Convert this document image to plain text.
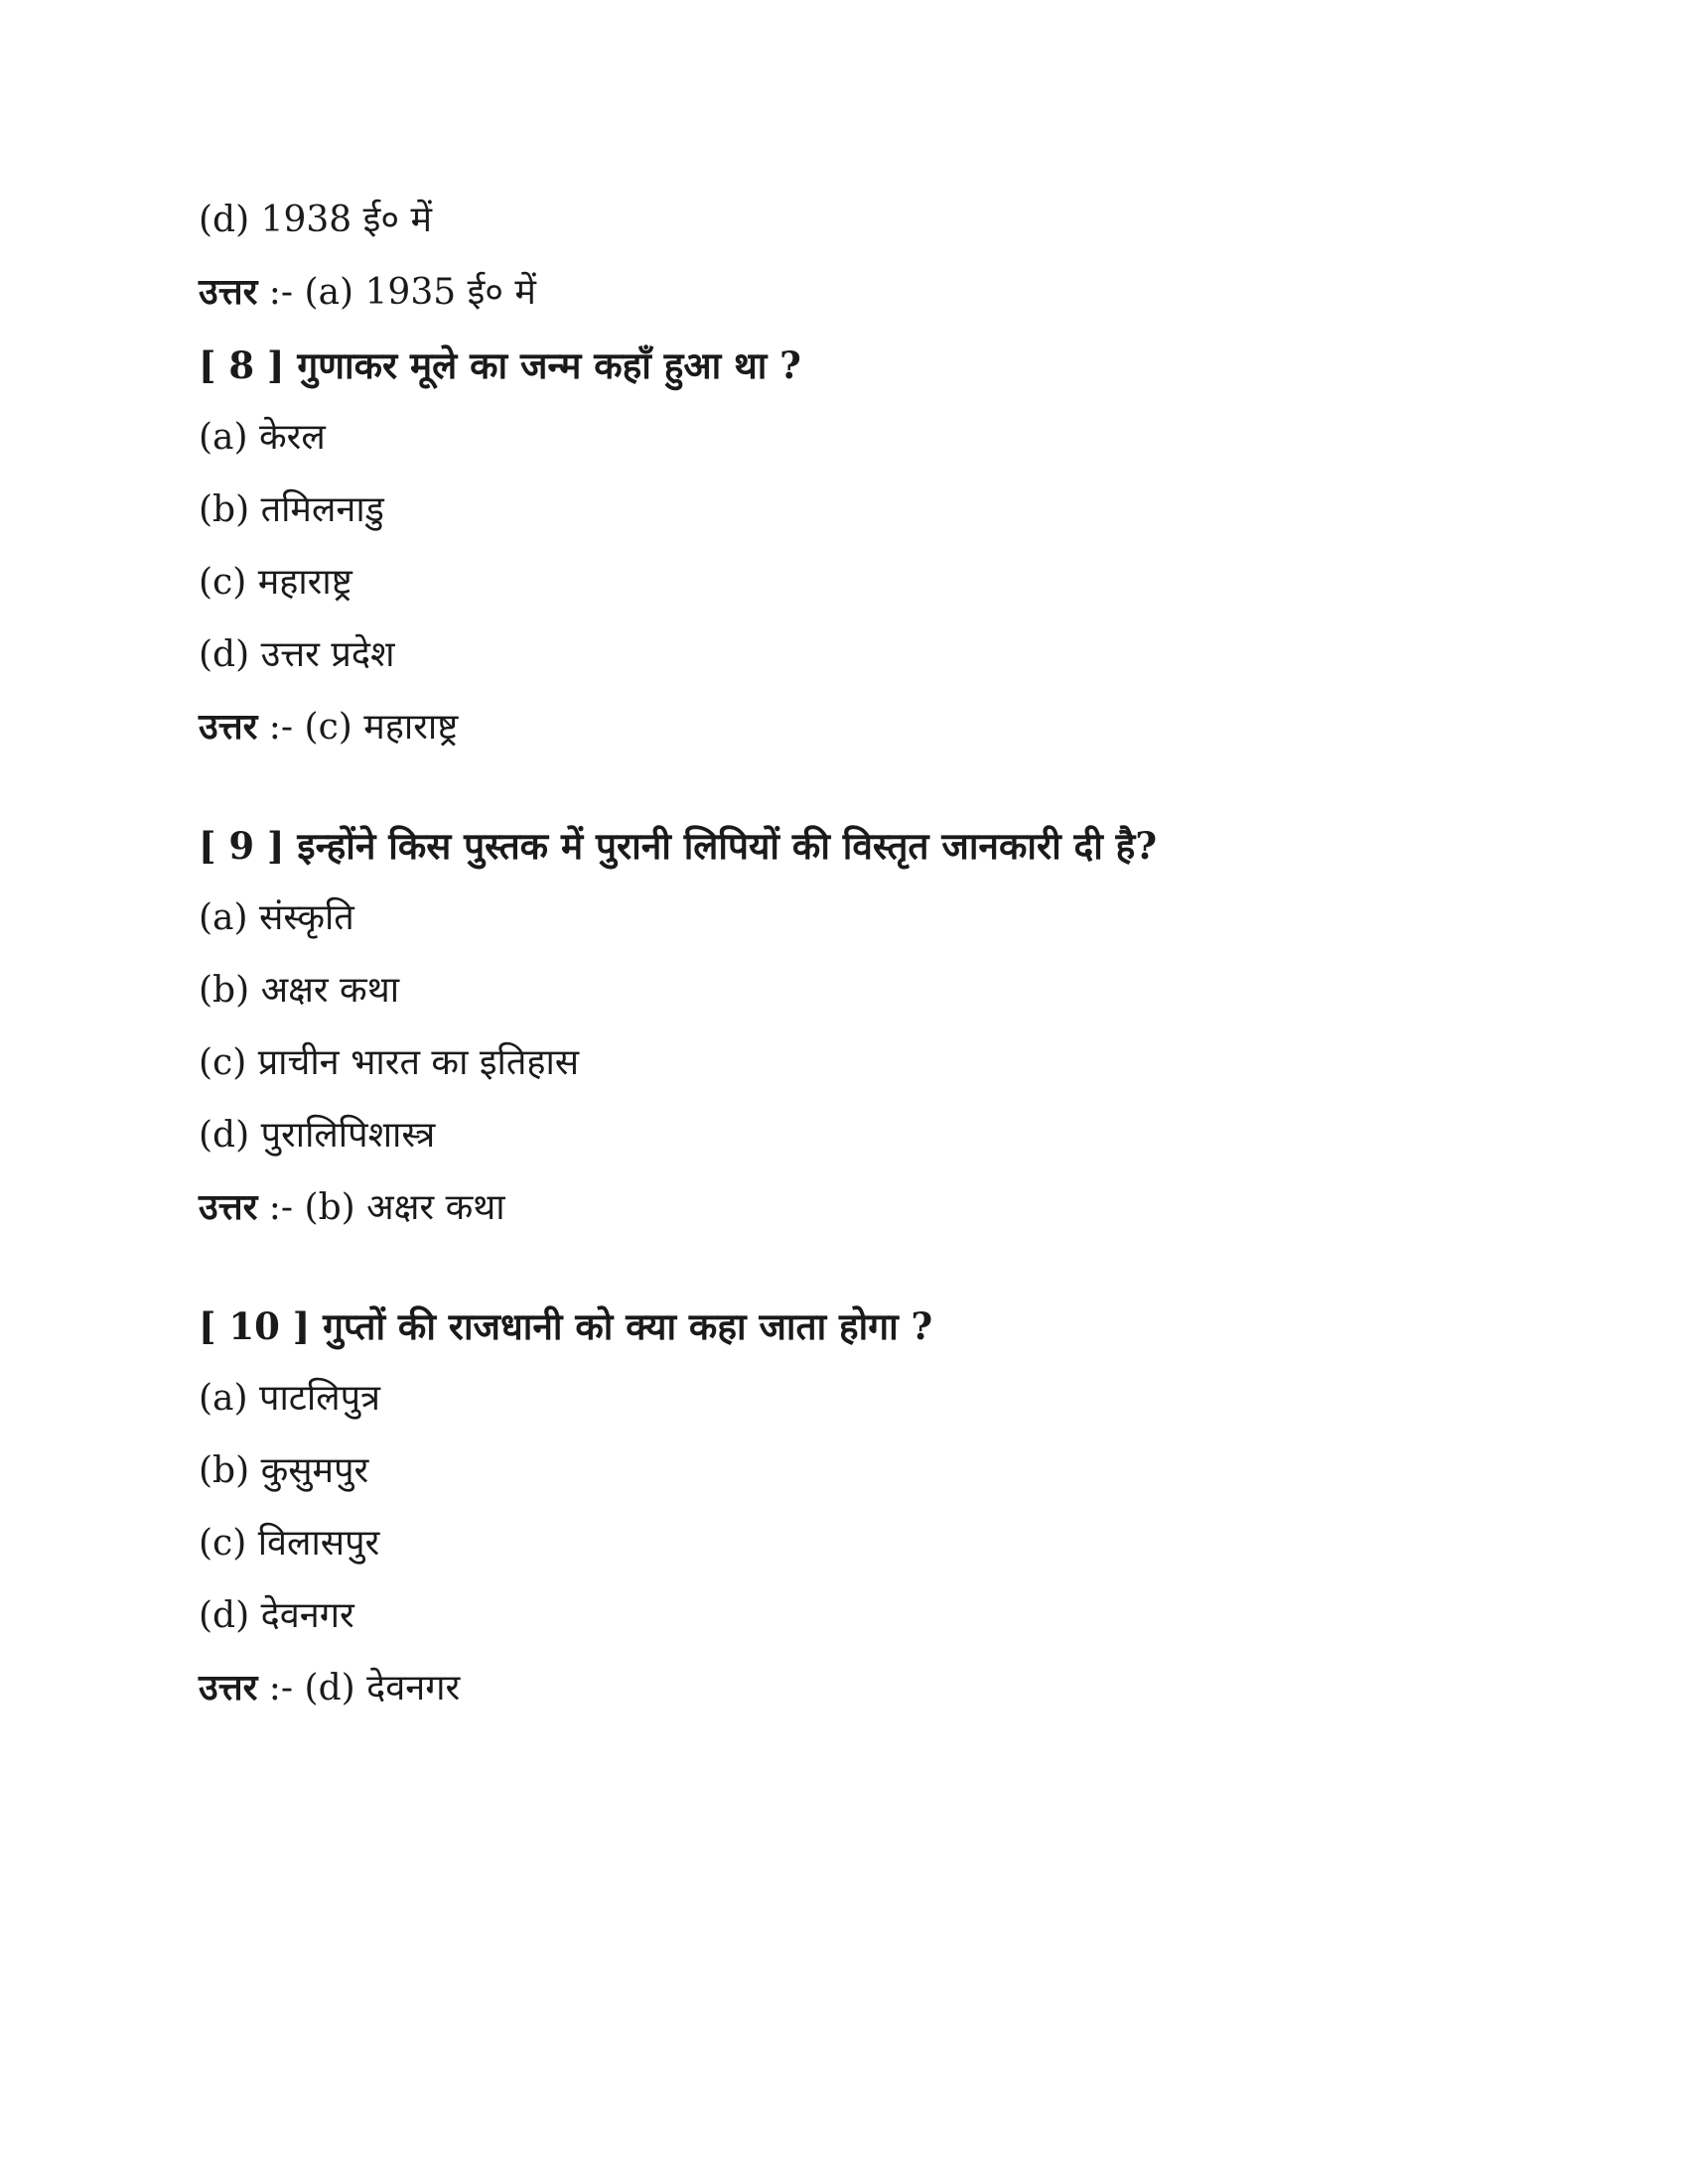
(d) 1938 ई० में
उत्तर :- (a) 1935 ई० में
[ 8 ] गुणाकर मूले का जन्म कहाँ हुआ था ?
(a) केरल
(b) तमिलनाडु
(c) महाराष्ट्र
(d) उत्तर प्रदेश
उत्तर :- (c) महाराष्ट्र
[ 9 ] इन्होंने किस पुस्तक में पुरानी लिपियों की विस्तृत जानकारी दी है?
(a) संस्कृति
(b) अक्षर कथा
(c) प्राचीन भारत का इतिहास
(d) पुरालिपिशास्त्र
उत्तर :- (b) अक्षर कथा
[ 10 ] गुप्तों की राजधानी को क्या कहा जाता होगा ?
(a) पाटलिपुत्र
(b) कुसुमपुर
(c) विलासपुर
(d) देवनगर
उत्तर :- (d) देवनगर
